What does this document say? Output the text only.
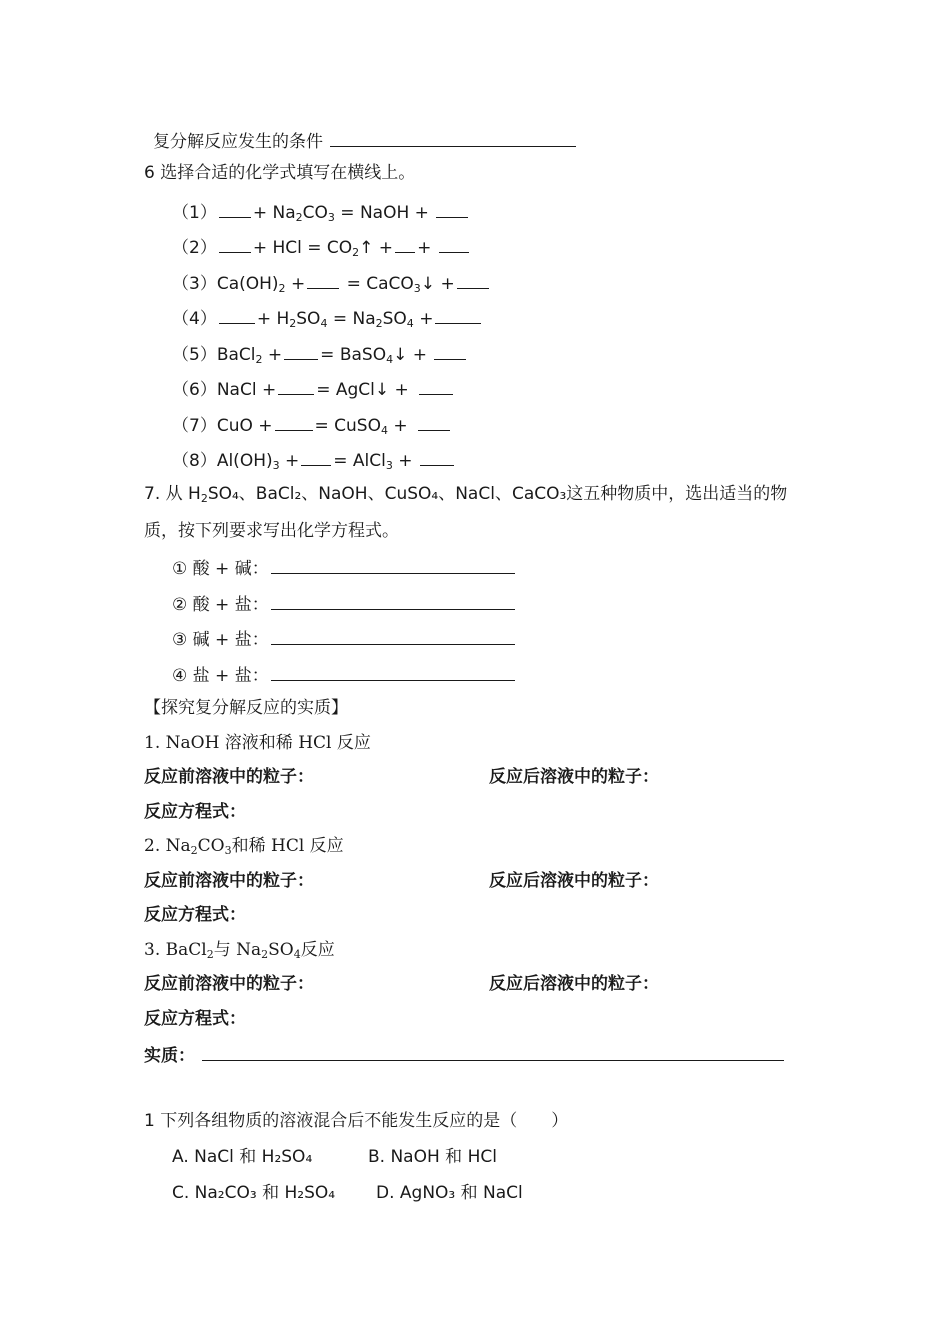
复分解反应发生的条件
6 选择合适的化学式填写在横线上。
$(1) + Na_2CO_3$ = NaOH +
（2） + HCl = $CO_2↑$ + +
$(3)Ca(OH)_2$ + = CaCO$_3$↓ +
$(4) + H_2SO_4 = Na_2SO_4$ +
（5）BaCl$_2$ + = BaSO$_4$↓ +
（6）NaCl + = AgCl↓ +
（7）CuO + = CuSO$_4$ +
$(8)Al(OH)_3$ + = AlCl$_3$ +
7. 从 $H_2SO_4$、BaCl₂、NaOH、CuSO₄、NaCl、CaCO₃这五种物质中，选出适当的物
质，按下列要求写出化学方程式。
① 酸 + 碱：
② 酸 + 盐：
③ 碱 + 盐：
④ 盐 + 盐：
【探究复分解反应的实质】
1. NaOH 溶液和稀 HCl 反应
反应前溶液中的粒子：	反应后溶液中的粒子：
反应方程式：
2. $Na_2CO_3$和稀 HCl 反应
反应前溶液中的粒子：	反应后溶液中的粒子：
反应方程式：
3. BaCl$_2$与 $Na_2SO_4$反应
反应前溶液中的粒子：	反应后溶液中的粒子：
反应方程式：
实质：
1 下列各组物质的溶液混合后不能发生反应的是（　　）
A. NaCl 和 H₂SO₄	B. NaOH 和 HCl
C. Na₂CO₃ 和 H₂SO₄ D. AgNO₃ 和 NaCl
